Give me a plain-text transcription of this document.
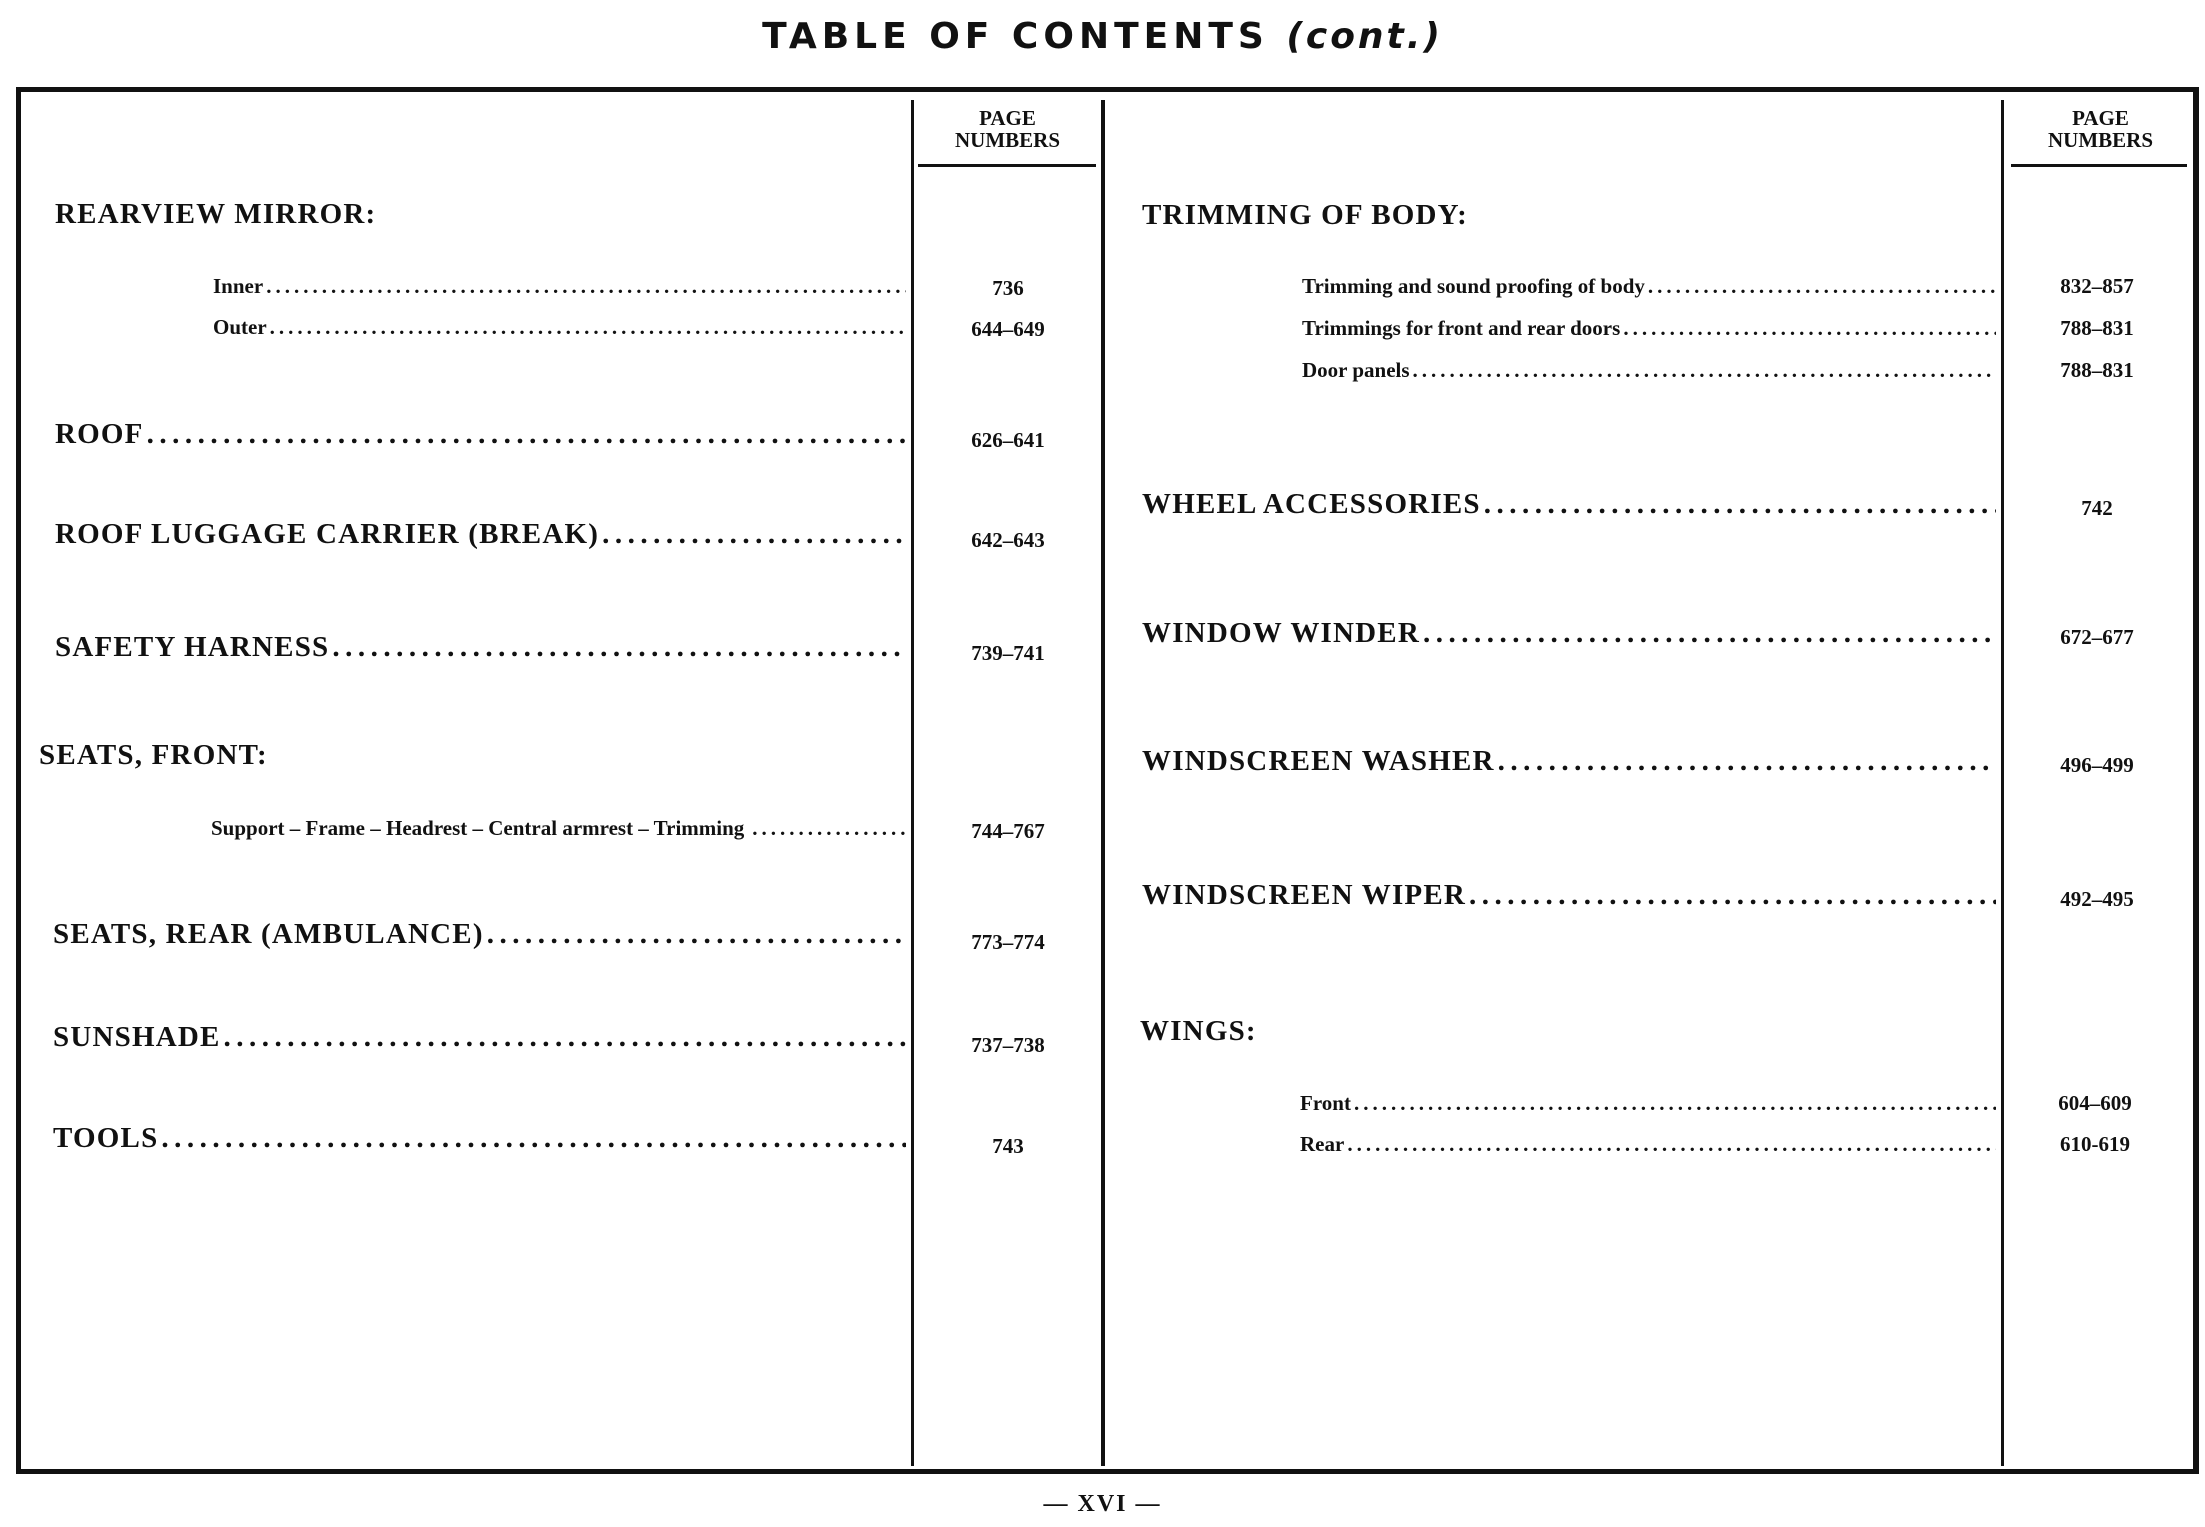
TABLE OF CONTENTS (cont.)
PAGE
NUMBERS
PAGE
NUMBERS
REARVIEW MIRROR:
Inner .....	736
Outer .....	644–649
ROOF .....	626–641
ROOF LUGGAGE CARRIER (BREAK) .....	642–643
SAFETY HARNESS .....	739–741
SEATS, FRONT:
Support – Frame – Headrest – Central armrest – Trimming .....	744–767
SEATS, REAR (AMBULANCE) .....	773–774
SUNSHADE .....	737–738
TOOLS .....	743
TRIMMING OF BODY:
Trimming and sound proofing of body .....	832–857
Trimmings for front and rear doors .....	788–831
Door panels .....	788–831
WHEEL ACCESSORIES .....	742
WINDOW WINDER .....	672–677
WINDSCREEN WASHER .....	496–499
WINDSCREEN WIPER .....	492–495
WINGS:
Front .....	604–609
Rear .....	610-619
— XVI —
